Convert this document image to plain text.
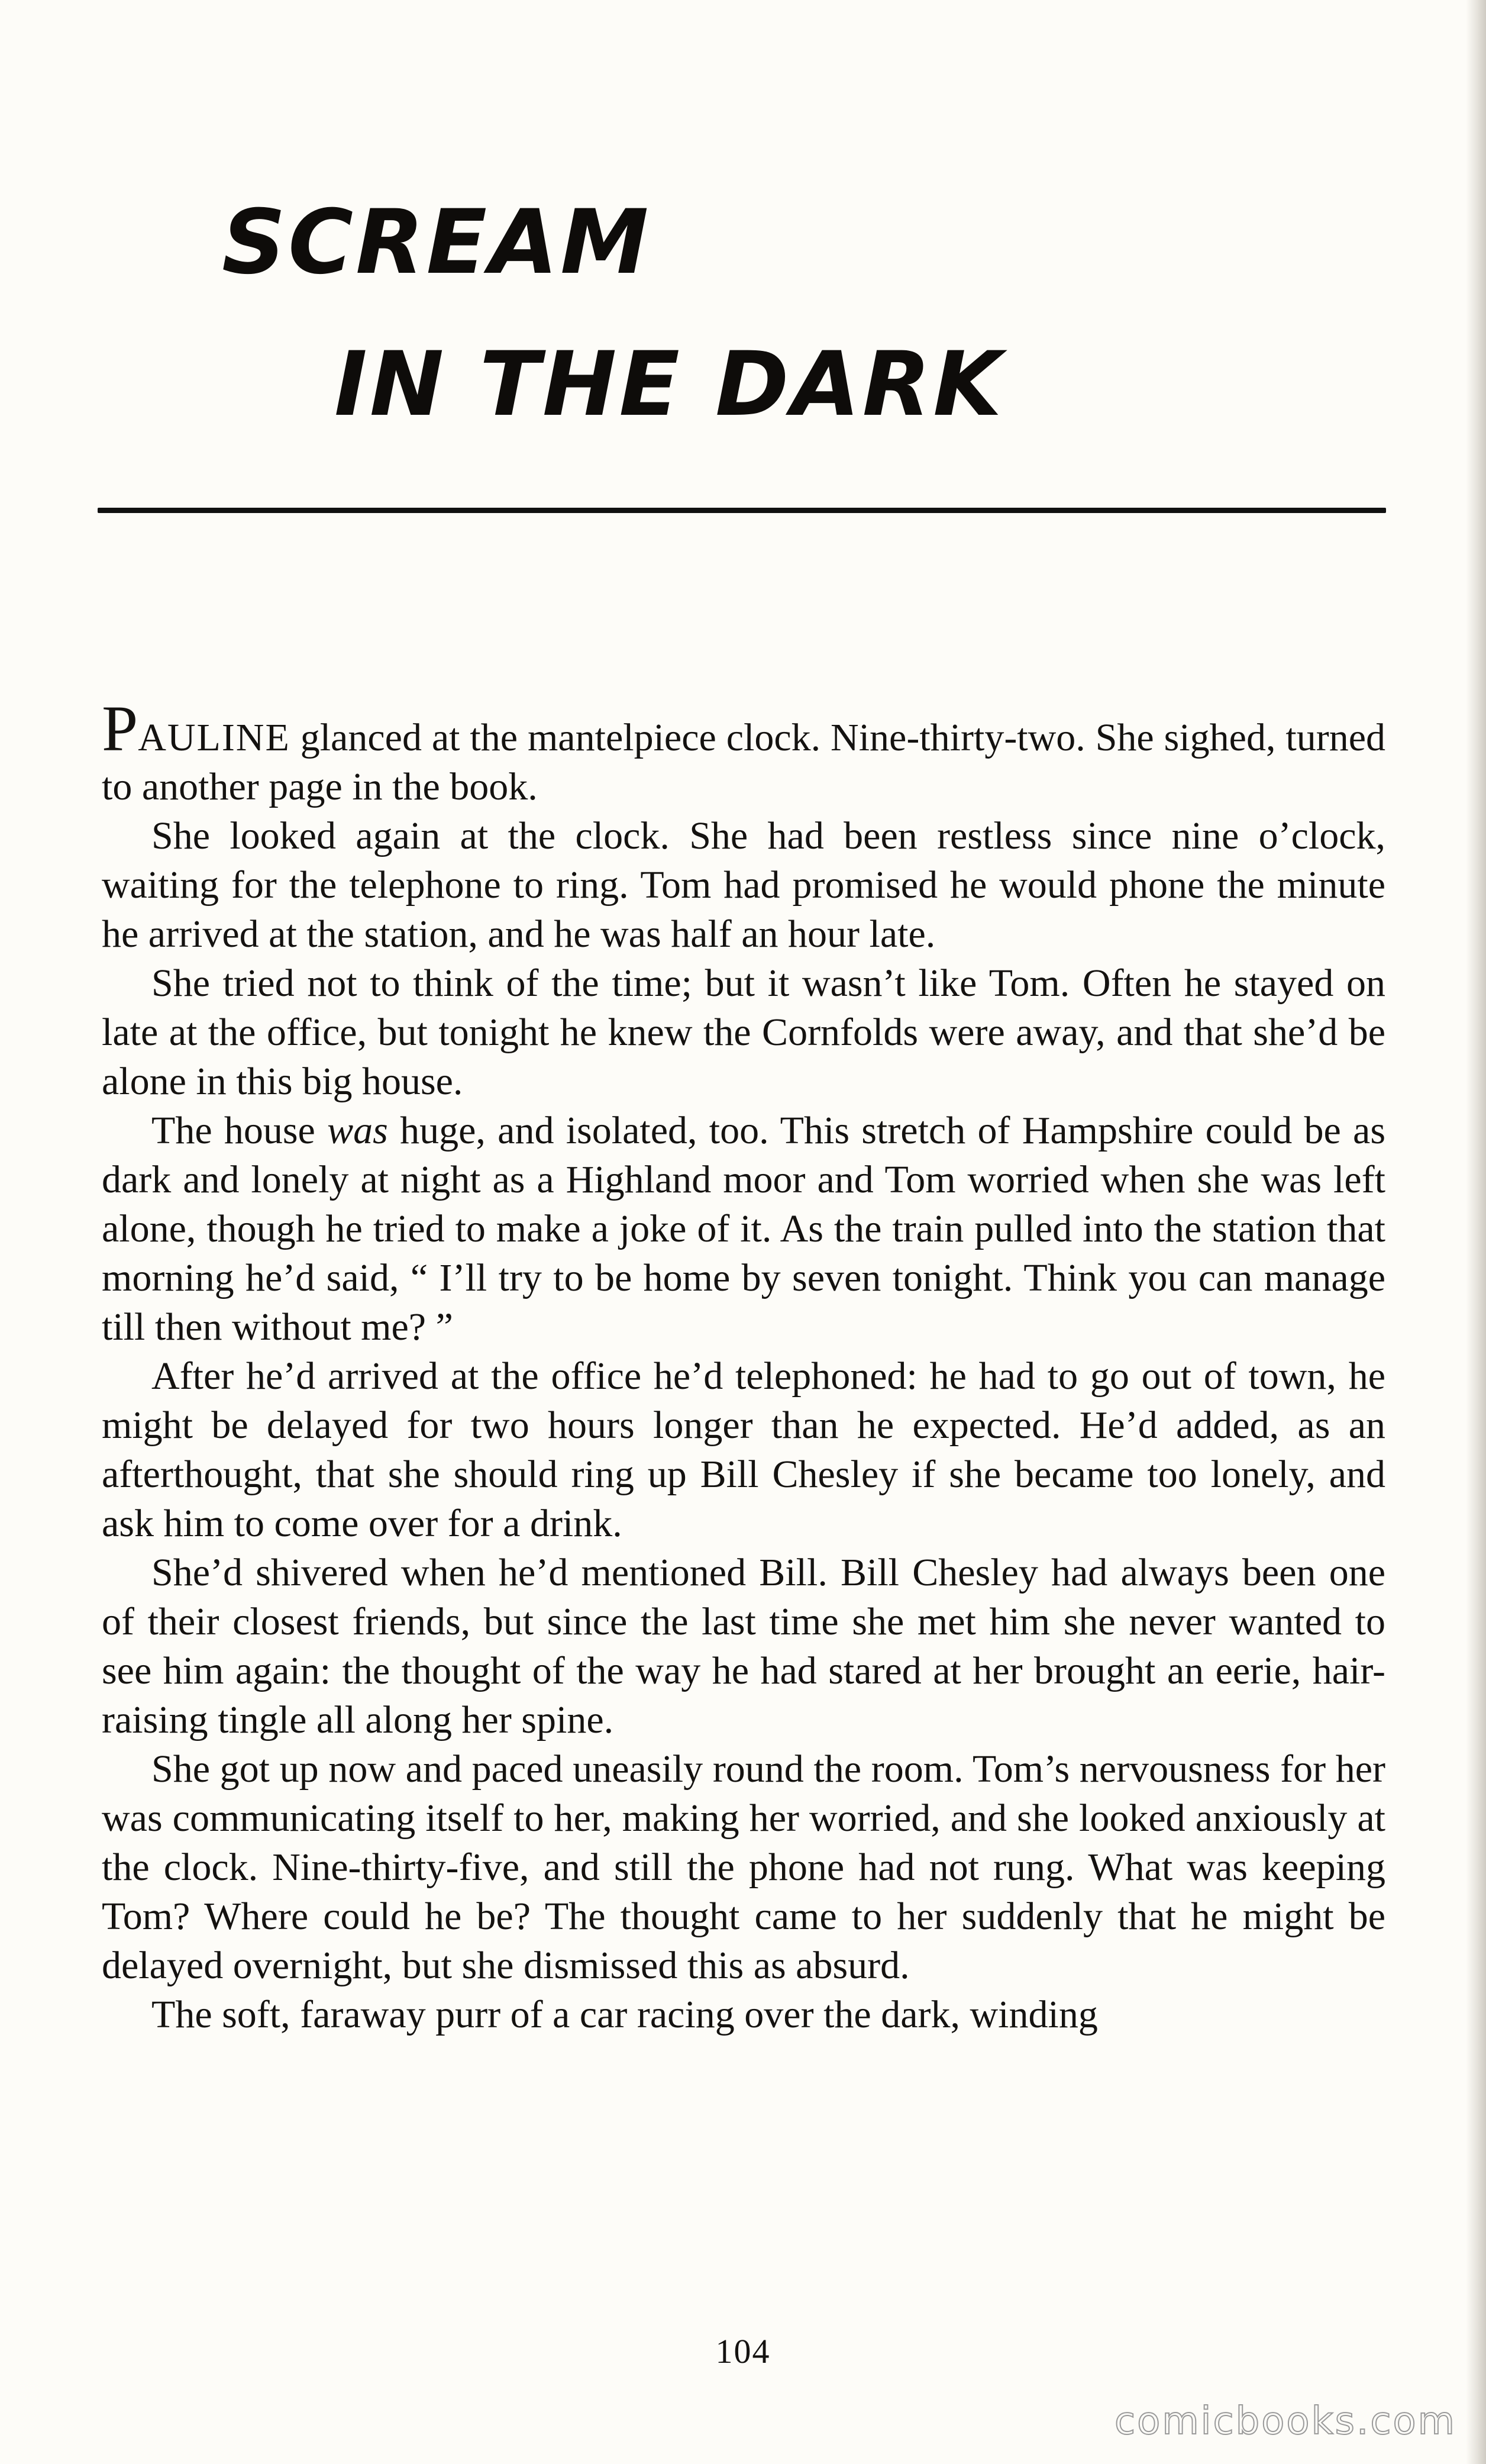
SCREAM
IN THE DARK

PAULINE glanced at the mantelpiece clock. Nine-thirty-two. She sighed, turned to another page in the book.

She looked again at the clock. She had been restless since nine o’clock, waiting for the telephone to ring. Tom had promised he would phone the minute he arrived at the station, and he was half an hour late.

She tried not to think of the time; but it wasn’t like Tom. Often he stayed on late at the office, but tonight he knew the Cornfolds were away, and that she’d be alone in this big house.

The house was huge, and isolated, too. This stretch of Hampshire could be as dark and lonely at night as a Highland moor and Tom worried when she was left alone, though he tried to make a joke of it. As the train pulled into the station that morning he’d said, “ I’ll try to be home by seven tonight. Think you can manage till then without me? ”

After he’d arrived at the office he’d telephoned: he had to go out of town, he might be delayed for two hours longer than he expected. He’d added, as an afterthought, that she should ring up Bill Chesley if she became too lonely, and ask him to come over for a drink.

She’d shivered when he’d mentioned Bill. Bill Chesley had always been one of their closest friends, but since the last time she met him she never wanted to see him again: the thought of the way he had stared at her brought an eerie, hair-raising tingle all along her spine.

She got up now and paced uneasily round the room. Tom’s nervousness for her was communicating itself to her, making her worried, and she looked anxiously at the clock. Nine-thirty-five, and still the phone had not rung. What was keeping Tom? Where could he be? The thought came to her suddenly that he might be delayed overnight, but she dismissed this as absurd.

The soft, faraway purr of a car racing over the dark, winding

104

comicbooks.com
